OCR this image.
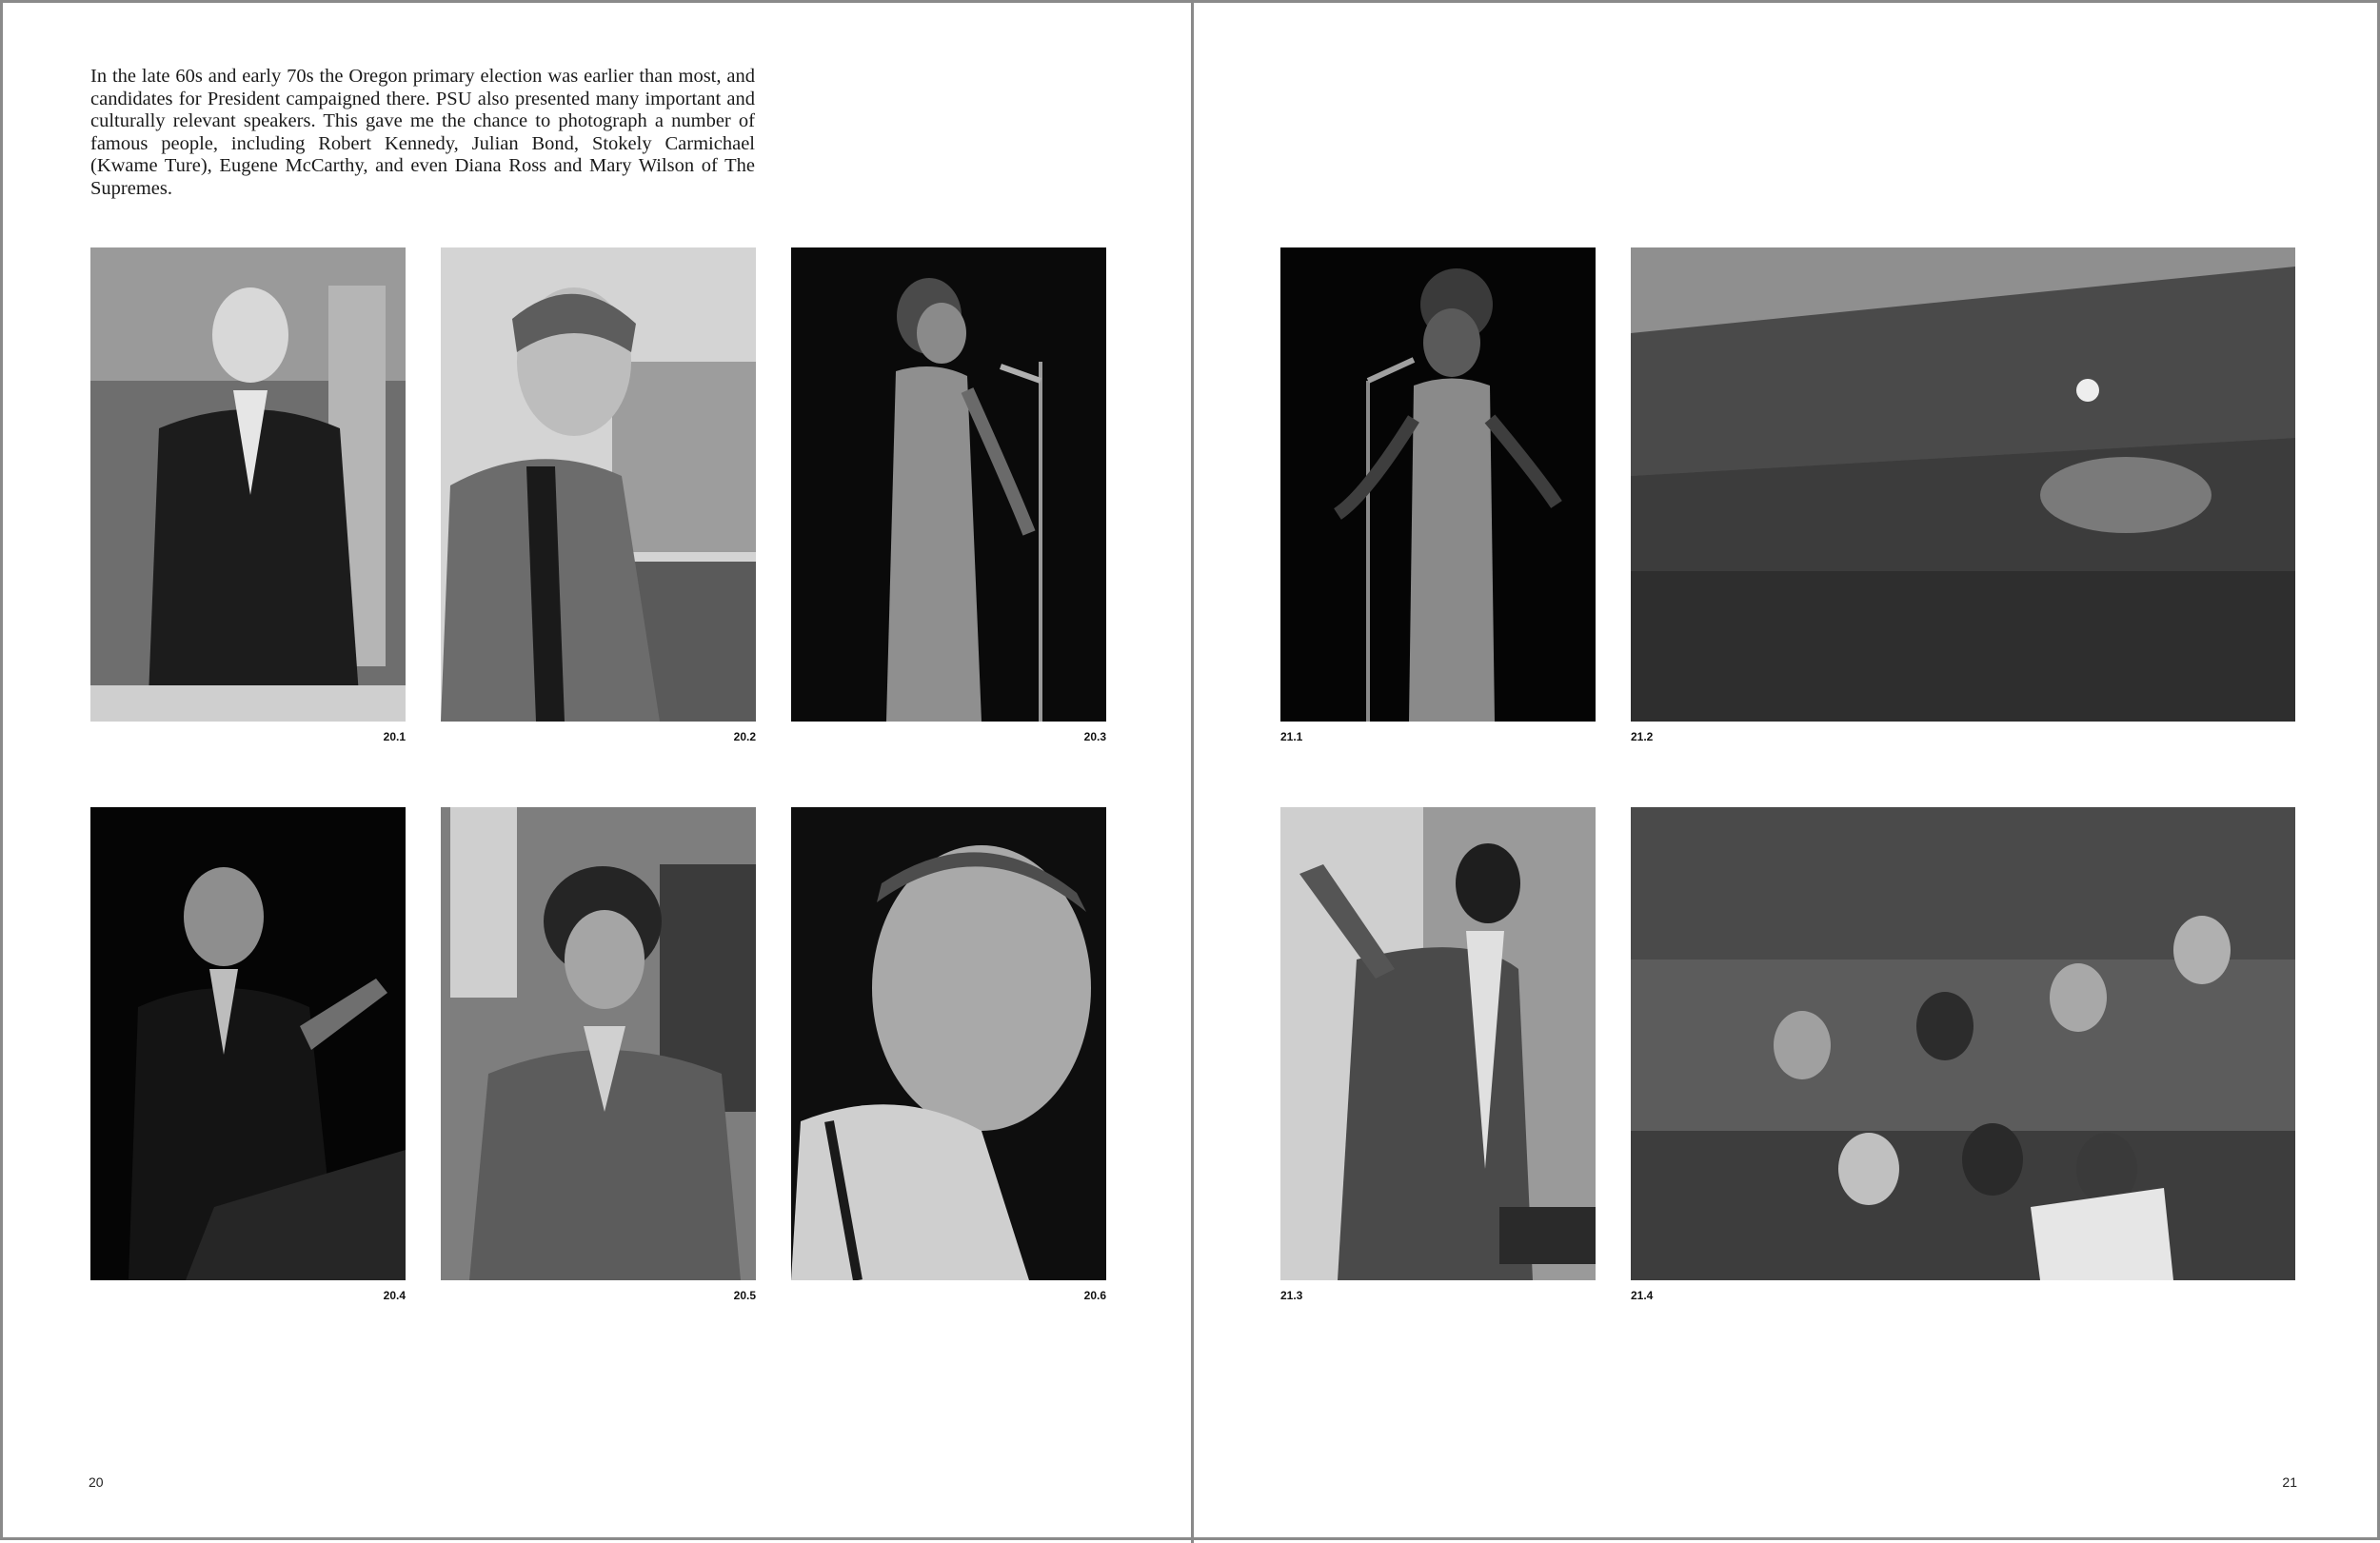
In the late 60s and early 70s the Oregon primary election was earlier than most, and candidates for President campaigned there. PSU also presented many important and culturally relevant speakers. This gave me the chance to photograph a number of famous people, including Robert Kennedy, Julian Bond, Stokely Carmichael (Kwame Ture), Eugene McCarthy, and even Diana Ross and Mary Wilson of The Supremes.

20.1	20.2	20.3
20.4	20.5	20.6
21.1	21.2
21.3	21.4
20	21
